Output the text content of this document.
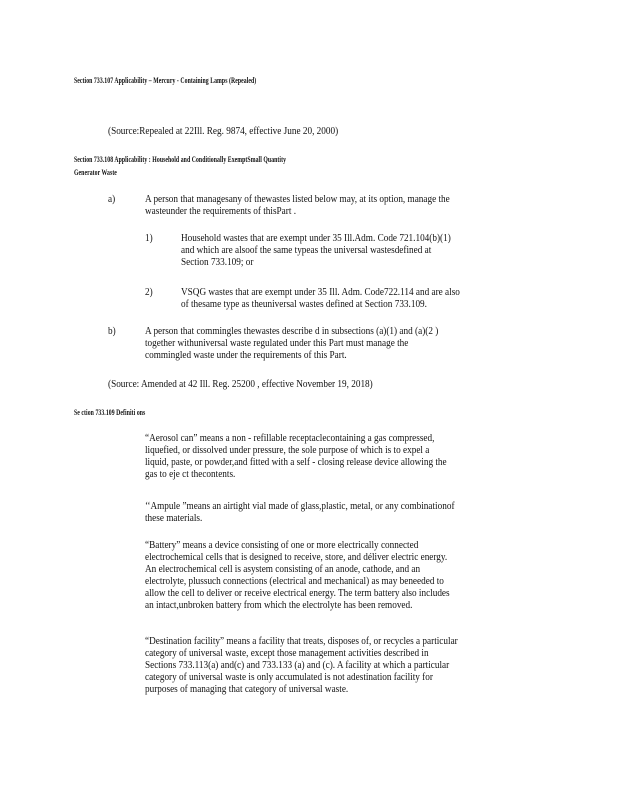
Section 733.107 Applicability – Mercury - Containing Lamps (Repealed)
(Source:Repealed at 22Ill. Reg. 9874, effective June 20, 2000)
Section 733.108 Applicability : Household and Conditionally ExemptSmall Quantity
Generator Waste
a)	A person that managesany of thewastes listed below may, at its option, manage the
wasteunder the requirements of thisPart .
1)	Household wastes that are exempt under 35 Ill.Adm. Code 721.104(b)(1)
and which are alsoof the same typeas the universal wastesdefined at
Section 733.109; or
2)	VSQG wastes that are exempt under 35 Ill. Adm. Code722.114 and are also
of thesame type as theuniversal wastes defined at Section 733.109.
b)	A person that commingles thewastes describe d in subsections (a)(1) and (a)(2 )
together withuniversal waste regulated under this Part must manage the
commingled waste under the requirements of this Part.
(Source: Amended at 42 Ill. Reg. 25200 , effective November 19, 2018)
Se ction 733.109 Definiti ons
“Aerosol can” means a non - refillable receptaclecontaining a gas compressed,
liquefied, or dissolved under pressure, the sole purpose of which is to expel a
liquid, paste, or powder,and fitted with a self - closing release device allowing the
gas to eje ct thecontents.
‘‘Ampule ”means an airtight vial made of glass,plastic, metal, or any combinationof
these materials.
“Battery” means a device consisting of one or more electrically connected
electrochemical cells that is designed to receive, store, and déliver electric energy.
An electrochemical cell is asystem consisting of an anode, cathode, and an
electrolyte, plussuch connections (electrical and mechanical) as may beneeded to
allow the cell to deliver or receive electrical energy. The term battery also includes
an intact,unbroken battery from which the electrolyte has been removed.
“Destination facility” means a facility that treats, disposes of, or recycles a particular
category of universal waste, except those management activities described in
Sections 733.113(a) and(c) and 733.133 (a) and (c). A facility at which a particular
category of universal waste is only accumulated is not adestination facility for
purposes of managing that category of universal waste.
